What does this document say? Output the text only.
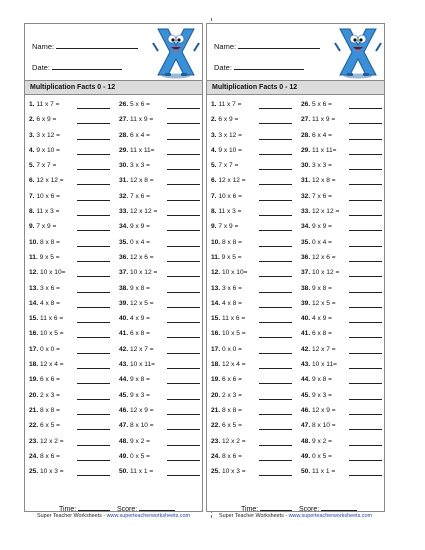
Name:
Date:
Multiplication Facts 0 - 12
1. 11 x 7 =
2. 6 x 9 =
3. 3 x 12 =
4. 9 x 10 =
5. 7 x 7 =
6. 12 x 12 =
7. 10 x 6 =
8. 11 x 3 =
9. 7 x 9 =
10. 8 x 8 =
11. 9 x 5 =
12. 10 x 10=
13. 3 x 6 =
14. 4 x 8 =
15. 11 x 6 =
16. 10 x 5 =
17. 0 x 0 =
18. 12 x 4 =
19. 6 x 6 =
20. 2 x 3 =
21. 8 x 8 =
22. 6 x 5 =
23. 12 x 2 =
24. 8 x 6 =
25. 10 x 3 =
26. 5 x 6 =
27. 11 x 9 =
28. 6 x 4 =
29. 11 x 11=
30. 3 x 3 =
31. 12 x 8 =
32. 7 x 6 =
33. 12 x 12 =
34. 9 x 9 =
35. 0 x 4 =
36. 12 x 6 =
37. 10 x 12 =
38. 9 x 8 =
39. 12 x 5 =
40. 4 x 9 =
41. 6 x 8 =
42. 12 x 7 =
43. 10 x 11=
44. 9 x 8 =
45. 9 x 3 =
46. 12 x 9 =
47. 8 x 10 =
48. 9 x 2 =
49. 0 x 5 =
50. 11 x 1 =
Time:	Score:
Name:
Date:
Multiplication Facts 0 - 12
1. 11 x 7 =
2. 6 x 9 =
3. 3 x 12 =
4. 9 x 10 =
5. 7 x 7 =
6. 12 x 12 =
7. 10 x 6 =
8. 11 x 3 =
9. 7 x 9 =
10. 8 x 8 =
11. 9 x 5 =
12. 10 x 10=
13. 3 x 6 =
14. 4 x 8 =
15. 11 x 6 =
16. 10 x 5 =
17. 0 x 0 =
18. 12 x 4 =
19. 6 x 6 =
20. 2 x 3 =
21. 8 x 8 =
22. 6 x 5 =
23. 12 x 2 =
24. 8 x 6 =
25. 10 x 3 =
26. 5 x 6 =
27. 11 x 9 =
28. 6 x 4 =
29. 11 x 11=
30. 3 x 3 =
31. 12 x 8 =
32. 7 x 6 =
33. 12 x 12 =
34. 9 x 9 =
35. 0 x 4 =
36. 12 x 6 =
37. 10 x 12 =
38. 9 x 8 =
39. 12 x 5 =
40. 4 x 9 =
41. 6 x 8 =
42. 12 x 7 =
43. 10 x 11=
44. 9 x 8 =
45. 9 x 3 =
46. 12 x 9 =
47. 8 x 10 =
48. 9 x 2 =
49. 0 x 5 =
50. 11 x 1 =
Time:	Score:
Super Teacher Worksheets - www.superteacherworksheets.com	Super Teacher Worksheets - www.superteacherworksheets.com
